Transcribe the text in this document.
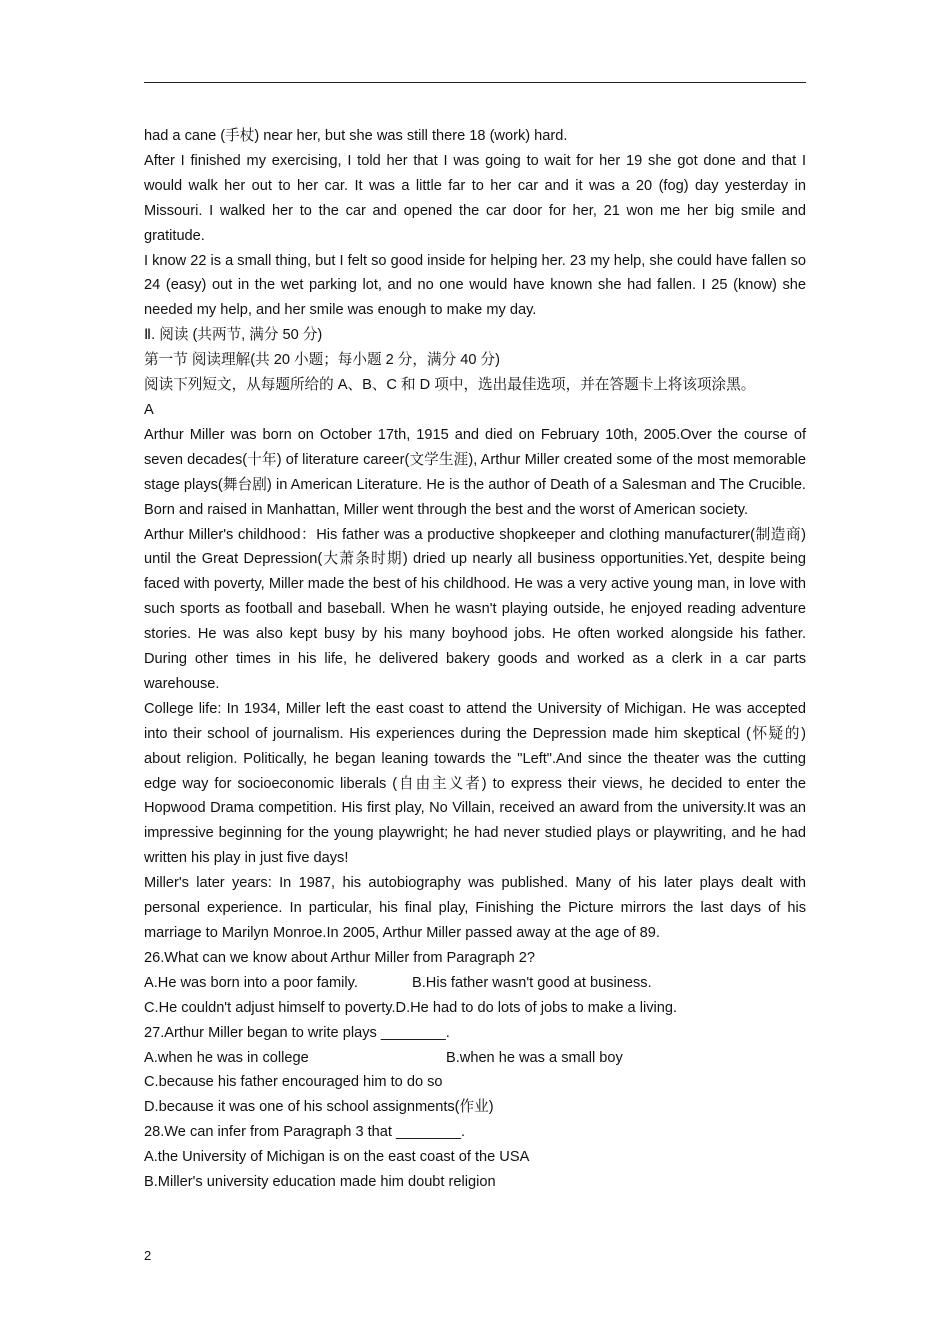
had a cane (手杖) near her, but she was still there 18 (work) hard.

After I finished my exercising, I told her that I was going to wait for her 19 she got done and that I would walk her out to her car. It was a little far to her car and it was a 20 (fog) day yesterday in Missouri. I walked her to the car and opened the car door for her, 21 won me her big smile and gratitude.

I know 22 is a small thing, but I felt so good inside for helping her. 23 my help, she could have fallen so 24 (easy) out in the wet parking lot, and no one would have known she had fallen. I 25 (know) she needed my help, and her smile was enough to make my day.

Ⅱ. 阅读 (共两节, 满分 50 分)

第一节 阅读理解(共 20 小题；每小题 2 分，满分 40 分)

阅读下列短文，从每题所给的 A、B、C 和 D 项中，选出最佳选项，并在答题卡上将该项涂黑。

A

Arthur Miller was born on October 17th, 1915 and died on February 10th, 2005.Over the course of seven decades(十年) of literature career(文学生涯), Arthur Miller created some of the most memorable stage plays(舞台剧) in American Literature. He is the author of Death of a Salesman and The Crucible. Born and raised in Manhattan, Miller went through the best and the worst of American society.

Arthur Miller's childhood：His father was a productive shopkeeper and clothing manufacturer(制造商) until the Great Depression(大萧条时期) dried up nearly all business opportunities.Yet, despite being faced with poverty, Miller made the best of his childhood. He was a very active young man, in love with such sports as football and baseball. When he wasn't playing outside, he enjoyed reading adventure stories. He was also kept busy by his many boyhood jobs. He often worked alongside his father. During other times in his life, he delivered bakery goods and worked as a clerk in a car parts warehouse.

College life: In 1934, Miller left the east coast to attend the University of Michigan. He was accepted into their school of journalism. His experiences during the Depression made him skeptical (怀疑的) about religion. Politically, he began leaning towards the "Left".And since the theater was the cutting edge way for socioeconomic liberals (自由主义者) to express their views, he decided to enter the Hopwood Drama competition. His first play, No Villain, received an award from the university.It was an impressive beginning for the young playwright; he had never studied plays or playwriting, and he had written his play in just five days!

Miller's later years: In 1987, his autobiography was published. Many of his later plays dealt with personal experience. In particular, his final play, Finishing the Picture mirrors the last days of his marriage to Marilyn Monroe.In 2005, Arthur Miller passed away at the age of 89.

26.What can we know about Arthur Miller from Paragraph 2?

A.He was born into a poor family.	B.His father wasn't good at business.
C.He couldn't adjust himself to poverty. D.He had to do lots of jobs to make a living.

27.Arthur Miller began to write plays ________.

A.when he was in college	B.when he was a small boy

C.because his father encouraged him to do so

D.because it was one of his school assignments(作业)

28.We can infer from Paragraph 3 that ________.

A.the University of Michigan is on the east coast of the USA

B.Miller's university education made him doubt religion

2
